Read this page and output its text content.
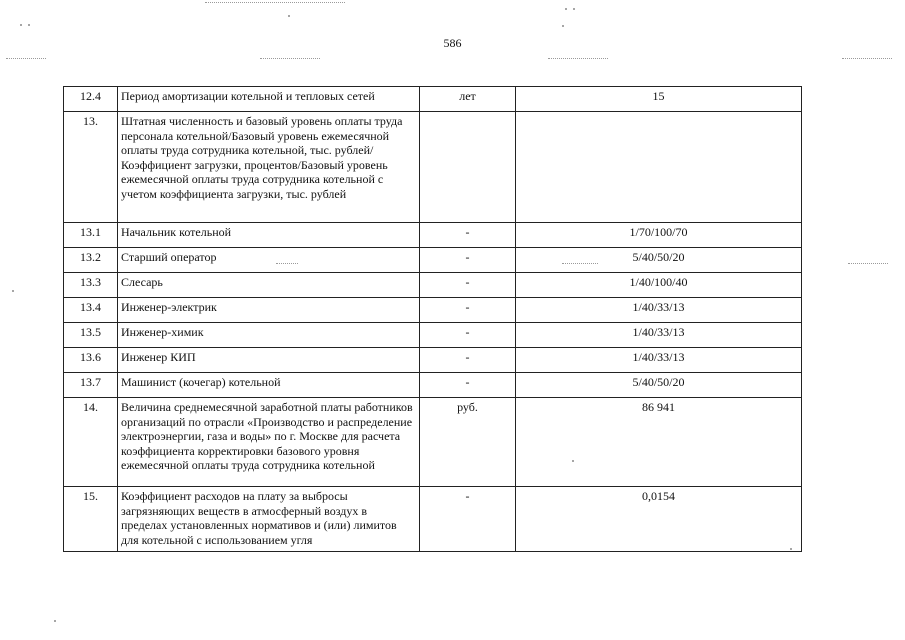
586
12.4	Период амортизации котельной и тепловых сетей	лет	15
13.	Штатная численность и базовый уровень оплаты труда персонала котельной/Базовый уровень ежемесячной оплаты труда сотрудника котельной, тыс. рублей/Коэффициент загрузки, процентов/Базовый уровень ежемесячной оплаты труда сотрудника котельной с учетом коэффициента загрузки, тыс. рублей		
13.1	Начальник котельной	-	1/70/100/70
13.2	Старший оператор	-	5/40/50/20
13.3	Слесарь	-	1/40/100/40
13.4	Инженер-электрик	-	1/40/33/13
13.5	Инженер-химик	-	1/40/33/13
13.6	Инженер КИП	-	1/40/33/13
13.7	Машинист (кочегар) котельной	-	5/40/50/20
14.	Величина среднемесячной заработной платы работников организаций по отрасли «Производство и распределение электроэнергии, газа и воды» по г. Москве для расчета коэффициента корректировки базового уровня ежемесячной оплаты труда сотрудника котельной	руб.	86 941
15.	Коэффициент расходов на плату за выбросы загрязняющих веществ в атмосферный воздух в пределах установленных нормативов и (или) лимитов для котельной с использованием угля	-	0,0154
